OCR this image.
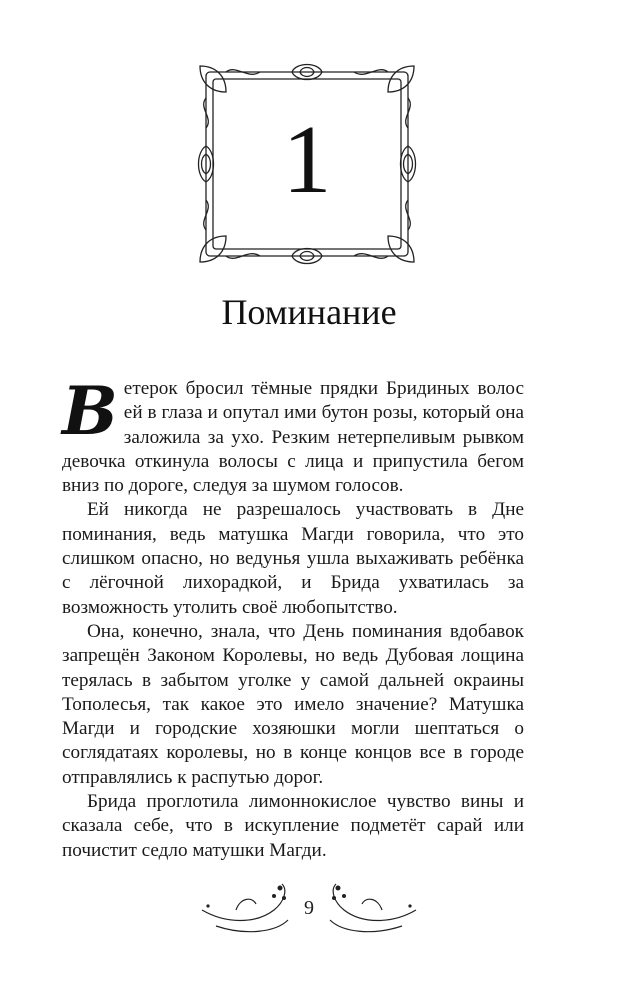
1
Поминание

Ветерок бросил тёмные прядки Бридиных волос ей в глаза и опутал ими бутон розы, который она заложила за ухо. Резким нетерпеливым рывком девочка откинула волосы с лица и припустила бегом вниз по дороге, следуя за шумом голосов.

Ей никогда не разрешалось участвовать в Дне поминания, ведь матушка Магди говорила, что это слишком опасно, но ведунья ушла выхаживать ребёнка с лёгочной лихорадкой, и Брида ухватилась за возможность утолить своё любопытство.

Она, конечно, знала, что День поминания вдобавок запрещён Законом Королевы, но ведь Дубовая лощина терялась в забытом уголке у самой дальней окраины Тополесья, так какое это имело значение? Матушка Магди и городские хозяюшки могли шептаться о соглядатаях королевы, но в конце концов все в городе отправлялись к распутью дорог.

Брида проглотила лимоннокислое чувство вины и сказала себе, что в искупление подметёт сарай или почистит седло матушки Магди.

9
